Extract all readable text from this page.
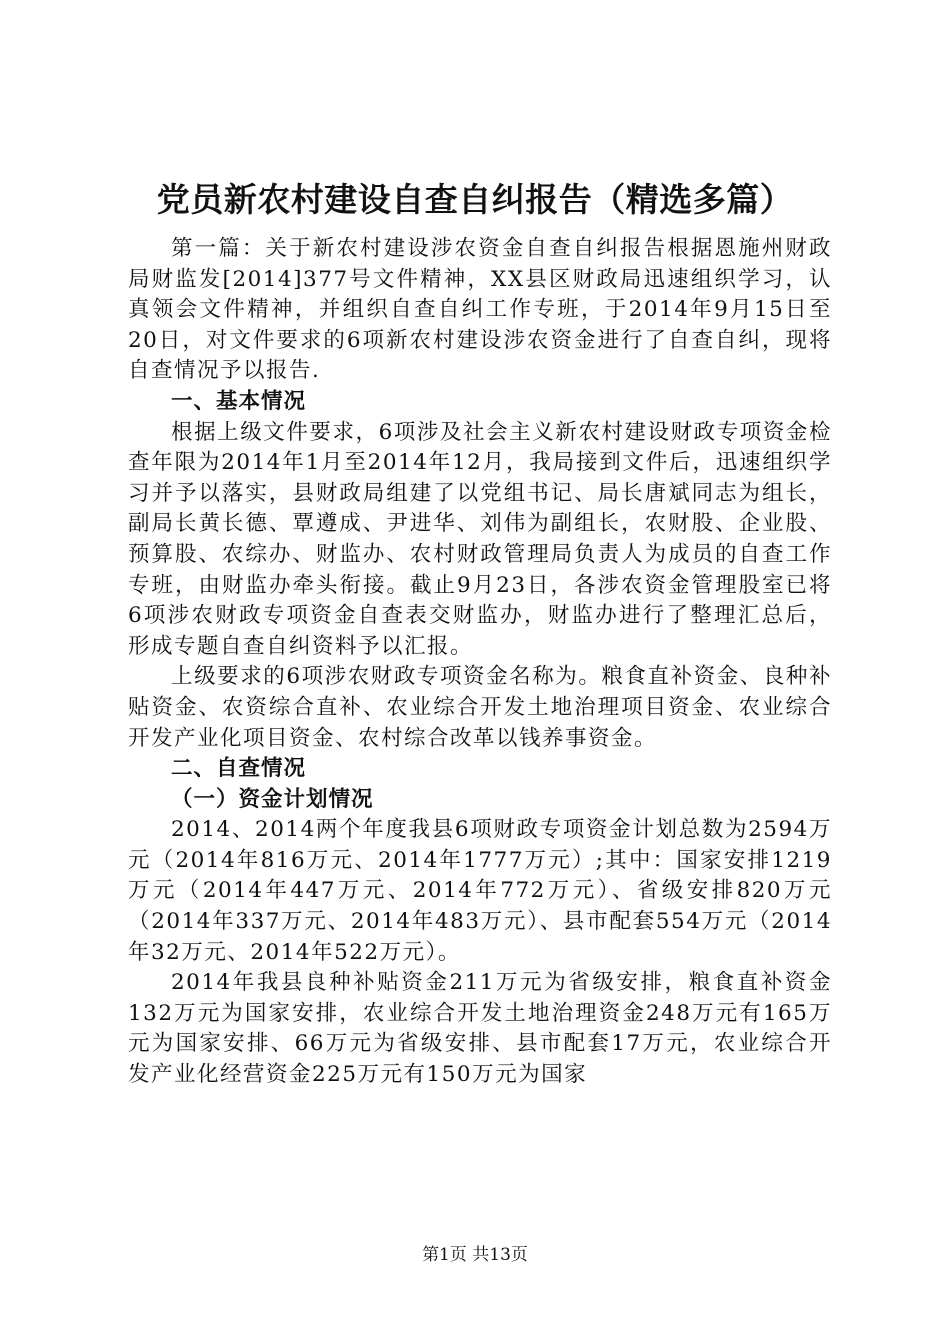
党员新农村建设自查自纠报告（精选多篇）

第一篇：关于新农村建设涉农资金自查自纠报告根据恩施州财政局财监发[2014]377号文件精神，XX县区财政局迅速组织学习，认真领会文件精神，并组织自查自纠工作专班，于2014年9月15日至20日，对文件要求的6项新农村建设涉农资金进行了自查自纠，现将自查情况予以报告.

一、基本情况

根据上级文件要求，6项涉及社会主义新农村建设财政专项资金检查年限为2014年1月至2014年12月，我局接到文件后，迅速组织学习并予以落实，县财政局组建了以党组书记、局长唐斌同志为组长，副局长黄长德、覃遵成、尹进华、刘伟为副组长，农财股、企业股、预算股、农综办、财监办、农村财政管理局负责人为成员的自查工作专班，由财监办牵头衔接。截止9月23日，各涉农资金管理股室已将6项涉农财政专项资金自查表交财监办，财监办进行了整理汇总后，形成专题自查自纠资料予以汇报。

上级要求的6项涉农财政专项资金名称为。粮食直补资金、良种补贴资金、农资综合直补、农业综合开发土地治理项目资金、农业综合开发产业化项目资金、农村综合改革以钱养事资金。

二、自查情况

（一）资金计划情况

2014、2014两个年度我县6项财政专项资金计划总数为2594万元（2014年816万元、2014年1777万元）;其中：国家安排1219万元（2014年447万元、2014年772万元）、省级安排820万元（2014年337万元、2014年483万元）、县市配套554万元（2014年32万元、2014年522万元）。

2014年我县良种补贴资金211万元为省级安排，粮食直补资金132万元为国家安排，农业综合开发土地治理资金248万元有165万元为国家安排、66万元为省级安排、县市配套17万元，农业综合开发产业化经营资金225万元有150万元为国家

第1页 共13页
